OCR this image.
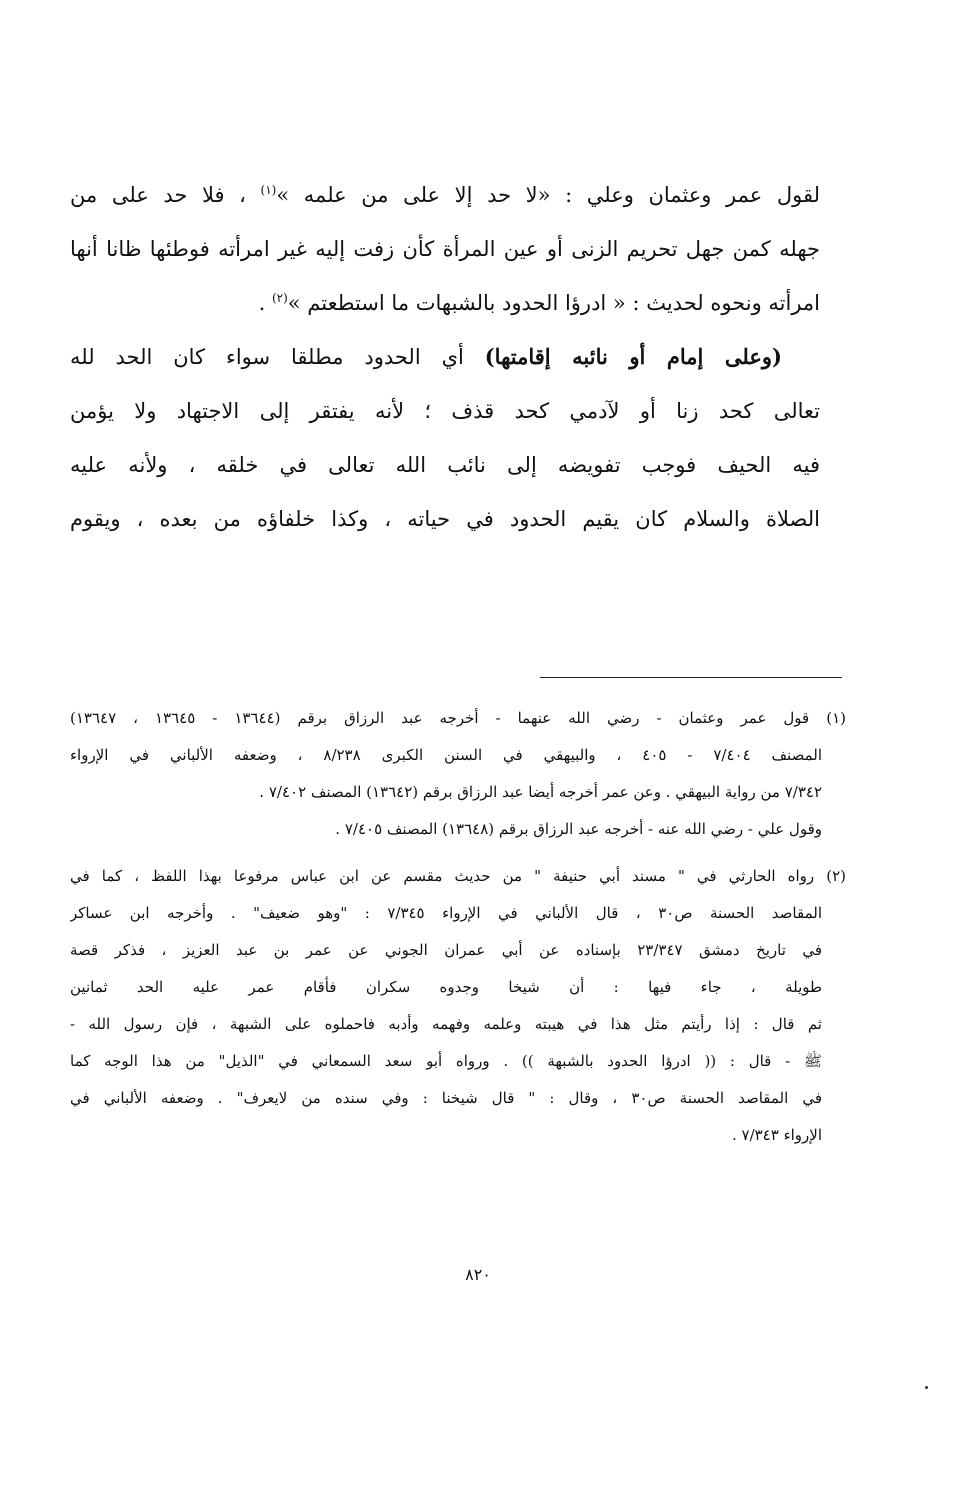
لقول عمر وعثمان وعلي : «لا حد إلا على من علمه »$^{(١)}$ ، فلا حد على من
جهله كمن جهل تحريم الزنى أو عين المرأة كأن زفت إليه غير امرأته فوطئها ظانا أنها
امرأته ونحوه لحديث : « ادرؤا الحدود بالشبهات ما استطعتم »$^{(٢)}$ .
(وعلى إمام أو نائبه إقامتها) أي الحدود مطلقا سواء كان الحد لله
تعالى كحد زنا أو لآدمي كحد قذف ؛ لأنه يفتقر إلى الاجتهاد ولا يؤمن
فيه الحيف فوجب تفويضه إلى نائب الله تعالى في خلقه ، ولأنه عليه
الصلاة والسلام كان يقيم الحدود في حياته ، وكذا خلفاؤه من بعده ، ويقوم
(١) قول عمر وعثمان - رضي الله عنهما - أخرجه عبد الرزاق برقم (١٣٦٤٤ - ١٣٦٤٥ ، ١٣٦٤٧)
المصنف ٧/٤٠٤ - ٤٠٥ ، والبيهقي في السنن الكبرى ٨/٢٣٨ ، وضعفه الألباني في الإرواء
٧/٣٤٢ من رواية البيهقي . وعن عمر أخرجه أيضا عبد الرزاق برقم (١٣٦٤٢) المصنف ٧/٤٠٢ .
وقول علي - رضي الله عنه - أخرجه عبد الرزاق برقم (١٣٦٤٨) المصنف ٧/٤٠٥ .
(٢) رواه الحارثي في " مسند أبي حنيفة " من حديث مقسم عن ابن عباس مرفوعا بهذا اللفظ ، كما في
المقاصد الحسنة ص٣٠ ، قال الألباني في الإرواء ٧/٣٤٥ : "وهو ضعيف" . وأخرجه ابن عساكر
في تاريخ دمشق ٢٣/٣٤٧ بإسناده عن أبي عمران الجوني عن عمر بن عبد العزيز ، فذكر قصة
طويلة ، جاء فيها : أن شيخا وجدوه سكران فأقام عمر عليه الحد ثمانين
ثم قال : إذا رأيتم مثل هذا في هيبته وعلمه وفهمه وأدبه فاحملوه على الشبهة ، فإن رسول الله -
ﷺ - قال : (( ادرؤا الحدود بالشبهة )) . ورواه أبو سعد السمعاني في "الذيل" من هذا الوجه كما
في المقاصد الحسنة ص٣٠ ، وقال : " قال شيخنا : وفي سنده من لايعرف" . وضعفه الألباني في
الإرواء ٧/٣٤٣ .
٨٢٠
